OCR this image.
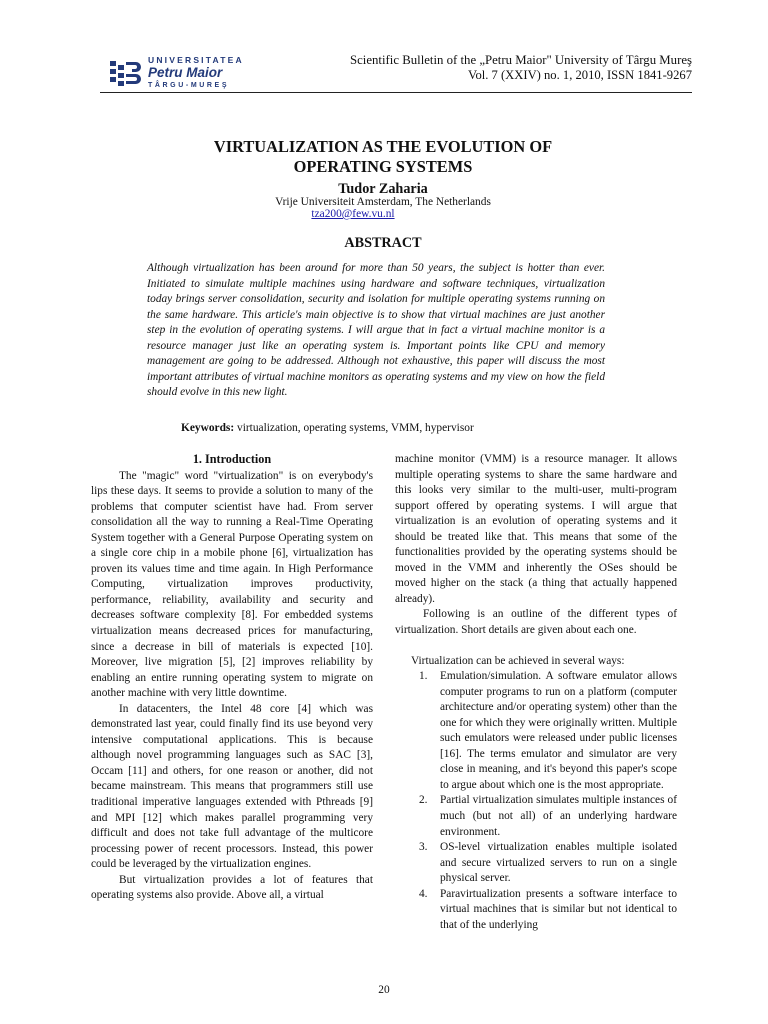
UNIVERSITATEA
Petru Maior
TÂRGU-MUREŞ
Scientific Bulletin of the „Petru Maior" University of Târgu Mureş
Vol. 7 (XXIV) no. 1, 2010, ISSN 1841-9267
VIRTUALIZATION AS THE EVOLUTION OF
OPERATING SYSTEMS
Tudor Zaharia
Vrije Universiteit Amsterdam, The Netherlands
tza200@few.vu.nl
ABSTRACT

Although virtualization has been around for more than 50 years, the subject is hotter than ever. Initiated to simulate multiple machines using hardware and software techniques, virtualization today brings server consolidation, security and isolation for multiple operating systems running on the same hardware. This article's main objective is to show that virtual machines are just another step in the evolution of operating systems. I will argue that in fact a virtual machine monitor is a resource manager just like an operating system is. Important points like CPU and memory management are going to be addressed. Although not exhaustive, this paper will discuss the most important attributes of virtual machine monitors as operating systems and my view on how the field should evolve in this new light.

Keywords: virtualization, operating systems, VMM, hypervisor
1. Introduction

The "magic" word "virtualization" is on everybody's lips these days. It seems to provide a solution to many of the problems that computer scientist have had. From server consolidation all the way to running a Real-Time Operating System together with a General Purpose Operating system on a single core chip in a mobile phone [6], virtualization has proven its values time and time again. In High Performance Computing, virtualization improves productivity, performance, reliability, availability and security and decreases software complexity [8]. For embedded systems virtualization means decreased prices for manufacturing, since a decrease in bill of materials is expected [10]. Moreover, live migration [5], [2] improves reliability by enabling an entire running operating system to migrate on another machine with very little downtime.

In datacenters, the Intel 48 core [4] which was demonstrated last year, could finally find its use beyond very intensive computational applications. This is because although novel programming languages such as SAC [3], Occam [11] and others, for one reason or another, did not became mainstream. This means that programmers still use traditional imperative languages extended with Pthreads [9] and MPI [12] which makes parallel programming very difficult and does not take full advantage of the multicore processing power of recent processors. Instead, this power could be leveraged by the virtualization engines.

But virtualization provides a lot of features that operating systems also provide. Above all, a virtual

machine monitor (VMM) is a resource manager. It allows multiple operating systems to share the same hardware and this looks very similar to the multi-user, multi-program support offered by operating systems. I will argue that virtualization is an evolution of operating systems and it should be treated like that. This means that some of the functionalities provided by the operating systems should be moved in the VMM and inherently the OSes should be moved higher on the stack (a thing that actually happened already).

Following is an outline of the different types of virtualization. Short details are given about each one.

Virtualization can be achieved in several ways:

1. Emulation/simulation. A software emulator allows computer programs to run on a platform (computer architecture and/or operating system) other than the one for which they were originally written. Multiple such emulators were released under public licenses [16]. The terms emulator and simulator are very close in meaning, and it's beyond this paper's scope to argue about which one is the most appropriate.
2. Partial virtualization simulates multiple instances of much (but not all) of an underlying hardware environment.
3. OS-level virtualization enables multiple isolated and secure virtualized servers to run on a single physical server.
4. Paravirtualization presents a software interface to virtual machines that is similar but not identical to that of the underlying
20
